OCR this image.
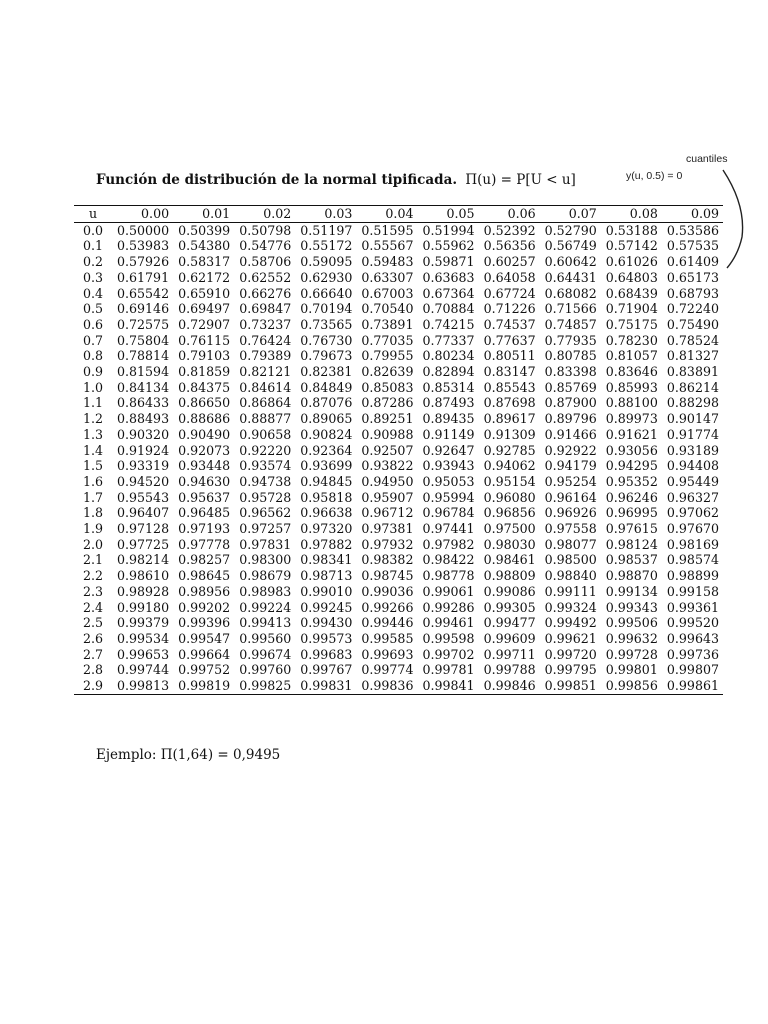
cuantiles
y(u, 0.5) = 0
Función de distribución de la normal tipificada. Π(u) = P[U < u]
u	0.00	0.01	0.02	0.03	0.04	0.05	0.06	0.07	0.08	0.09
0.0	0.50000	0.50399	0.50798	0.51197	0.51595	0.51994	0.52392	0.52790	0.53188	0.53586
0.1	0.53983	0.54380	0.54776	0.55172	0.55567	0.55962	0.56356	0.56749	0.57142	0.57535
0.2	0.57926	0.58317	0.58706	0.59095	0.59483	0.59871	0.60257	0.60642	0.61026	0.61409
0.3	0.61791	0.62172	0.62552	0.62930	0.63307	0.63683	0.64058	0.64431	0.64803	0.65173
0.4	0.65542	0.65910	0.66276	0.66640	0.67003	0.67364	0.67724	0.68082	0.68439	0.68793
0.5	0.69146	0.69497	0.69847	0.70194	0.70540	0.70884	0.71226	0.71566	0.71904	0.72240
0.6	0.72575	0.72907	0.73237	0.73565	0.73891	0.74215	0.74537	0.74857	0.75175	0.75490
0.7	0.75804	0.76115	0.76424	0.76730	0.77035	0.77337	0.77637	0.77935	0.78230	0.78524
0.8	0.78814	0.79103	0.79389	0.79673	0.79955	0.80234	0.80511	0.80785	0.81057	0.81327
0.9	0.81594	0.81859	0.82121	0.82381	0.82639	0.82894	0.83147	0.83398	0.83646	0.83891
1.0	0.84134	0.84375	0.84614	0.84849	0.85083	0.85314	0.85543	0.85769	0.85993	0.86214
1.1	0.86433	0.86650	0.86864	0.87076	0.87286	0.87493	0.87698	0.87900	0.88100	0.88298
1.2	0.88493	0.88686	0.88877	0.89065	0.89251	0.89435	0.89617	0.89796	0.89973	0.90147
1.3	0.90320	0.90490	0.90658	0.90824	0.90988	0.91149	0.91309	0.91466	0.91621	0.91774
1.4	0.91924	0.92073	0.92220	0.92364	0.92507	0.92647	0.92785	0.92922	0.93056	0.93189
1.5	0.93319	0.93448	0.93574	0.93699	0.93822	0.93943	0.94062	0.94179	0.94295	0.94408
1.6	0.94520	0.94630	0.94738	0.94845	0.94950	0.95053	0.95154	0.95254	0.95352	0.95449
1.7	0.95543	0.95637	0.95728	0.95818	0.95907	0.95994	0.96080	0.96164	0.96246	0.96327
1.8	0.96407	0.96485	0.96562	0.96638	0.96712	0.96784	0.96856	0.96926	0.96995	0.97062
1.9	0.97128	0.97193	0.97257	0.97320	0.97381	0.97441	0.97500	0.97558	0.97615	0.97670
2.0	0.97725	0.97778	0.97831	0.97882	0.97932	0.97982	0.98030	0.98077	0.98124	0.98169
2.1	0.98214	0.98257	0.98300	0.98341	0.98382	0.98422	0.98461	0.98500	0.98537	0.98574
2.2	0.98610	0.98645	0.98679	0.98713	0.98745	0.98778	0.98809	0.98840	0.98870	0.98899
2.3	0.98928	0.98956	0.98983	0.99010	0.99036	0.99061	0.99086	0.99111	0.99134	0.99158
2.4	0.99180	0.99202	0.99224	0.99245	0.99266	0.99286	0.99305	0.99324	0.99343	0.99361
2.5	0.99379	0.99396	0.99413	0.99430	0.99446	0.99461	0.99477	0.99492	0.99506	0.99520
2.6	0.99534	0.99547	0.99560	0.99573	0.99585	0.99598	0.99609	0.99621	0.99632	0.99643
2.7	0.99653	0.99664	0.99674	0.99683	0.99693	0.99702	0.99711	0.99720	0.99728	0.99736
2.8	0.99744	0.99752	0.99760	0.99767	0.99774	0.99781	0.99788	0.99795	0.99801	0.99807
2.9	0.99813	0.99819	0.99825	0.99831	0.99836	0.99841	0.99846	0.99851	0.99856	0.99861
Ejemplo: Π(1,64) = 0,9495
